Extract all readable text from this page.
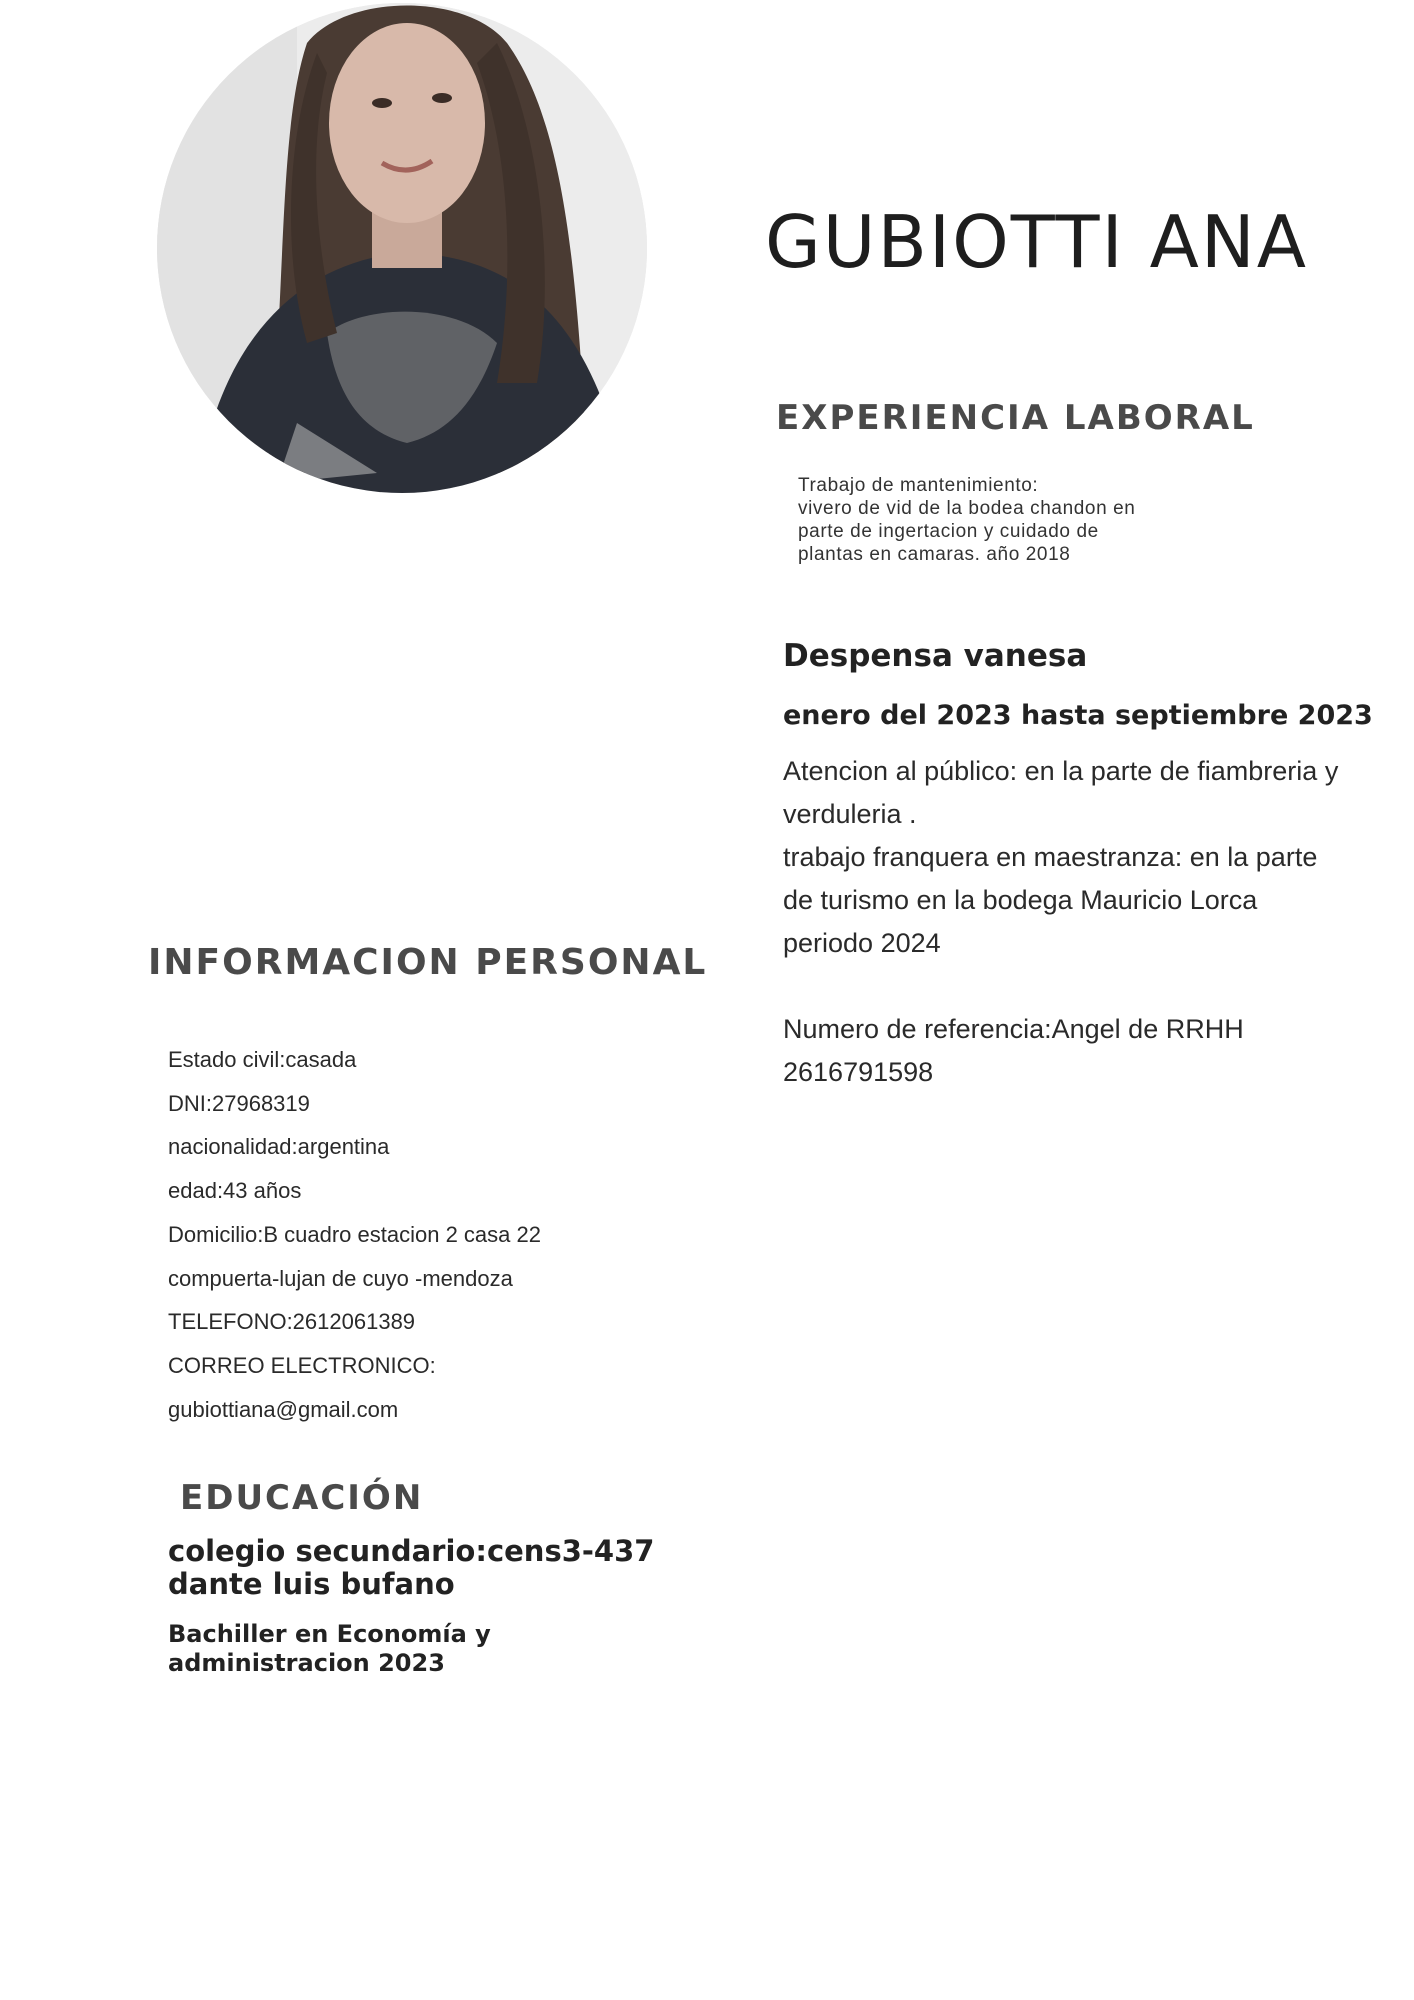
GUBIOTTI ANA
EXPERIENCIA LABORAL
Trabajo de mantenimiento:
vivero de vid de la bodea chandon en
parte de ingertacion y cuidado de
plantas en camaras. año 2018
Despensa vanesa
enero del 2023 hasta septiembre 2023
Atencion al público: en la parte de fiambreria y
verduleria .
trabajo franquera en maestranza: en la parte
de turismo en la bodega Mauricio Lorca
periodo 2024
Numero de referencia:Angel de RRHH
2616791598
INFORMACION PERSONAL
Estado civil:casada
DNI:27968319
nacionalidad:argentina
edad:43 años
Domicilio:B cuadro estacion 2 casa 22
compuerta-lujan de cuyo -mendoza
TELEFONO:2612061389
CORREO ELECTRONICO:
gubiottiana@gmail.com
EDUCACIÓN
colegio secundario:cens3-437
dante luis bufano
Bachiller en Economía y
administracion 2023
